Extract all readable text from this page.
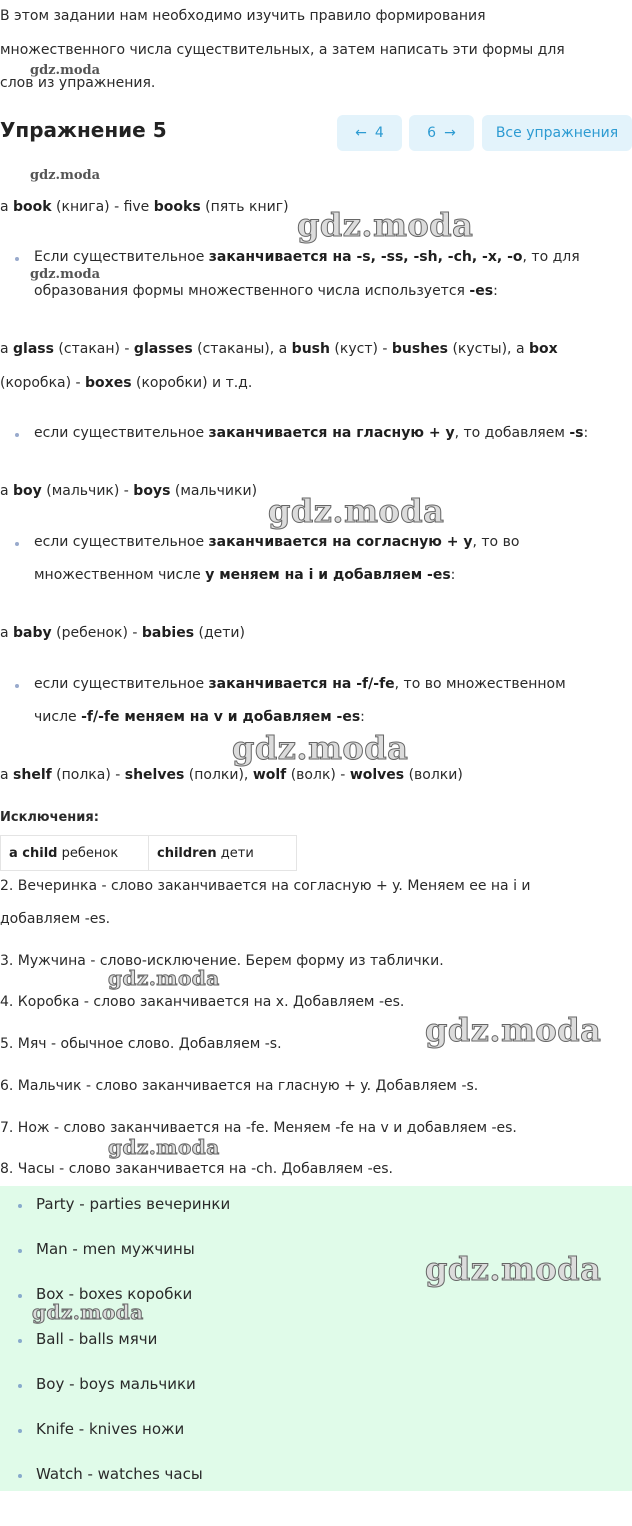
В этом задании нам необходимо изучить правило формирования
множественного числа существительных, а затем написать эти формы для
слов из упражнения.
Упражнение 5	← 4	6 →	Все упражнения
a book (книга) - five books (пять книг)
Если существительное заканчивается на -s, -ss, -sh, -ch, -x, -o, то для
образования формы множественного числа используется -es:
a glass (стакан) - glasses (стаканы), a bush (куст) - bushes (кусты), a box
(коробка) - boxes (коробки) и т.д.
если существительное заканчивается на гласную + y, то добавляем -s:
a boy (мальчик) - boys (мальчики)
если существительное заканчивается на согласную + y, то во
множественном числе y меняем на i и добавляем -es:
a baby (ребенок) - babies (дети)
если существительное заканчивается на -f/-fe, то во множественном
числе -f/-fe меняем на v и добавляем -es:
a shelf (полка) - shelves (полки), wolf (волк) - wolves (волки)
Исключения:
a child ребенок	children дети
2. Вечеринка - слово заканчивается на согласную + y. Меняем ее на i и
добавляем -es.
3. Мужчина - слово-исключение. Берем форму из таблички.
4. Коробка - слово заканчивается на x. Добавляем -es.
5. Мяч - обычное слово. Добавляем -s.
6. Мальчик - слово заканчивается на гласную + y. Добавляем -s.
7. Нож - слово заканчивается на -fe. Меняем -fe на v и добавляем -es.
8. Часы - слово заканчивается на -ch. Добавляем -es.
Party - parties вечеринки
Man - men мужчины
Box - boxes коробки
Ball - balls мячи
Boy - boys мальчики
Knife - knives ножи
Watch - watches часы
gdz.moda
gdz.moda
gdz.moda
gdz.moda
gdz.moda
gdz.moda
gdz.moda
gdz.moda
gdz.moda
gdz.moda
gdz.moda
